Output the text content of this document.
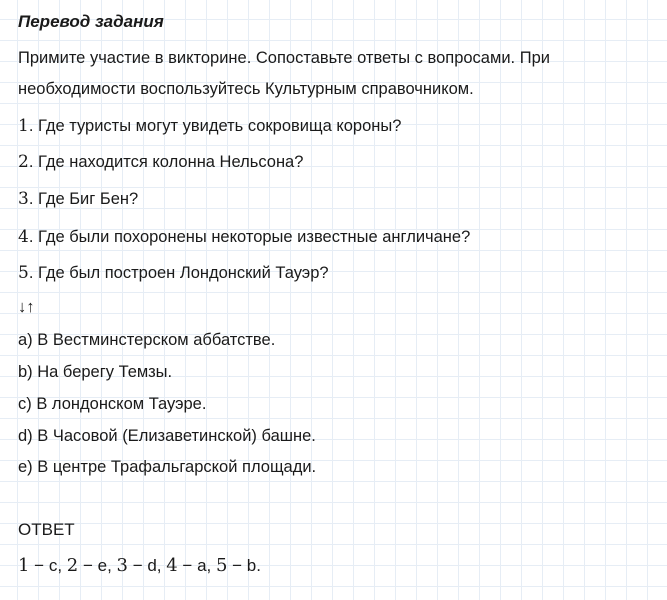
Перевод задания
Примите участие в викторине. Сопоставьте ответы с вопросами. При
необходимости воспользуйтесь Культурным справочником.
1. Где туристы могут увидеть сокровища короны?
2. Где находится колонна Нельсона?
3. Где Биг Бен?
4. Где были похоронены некоторые известные англичане?
5. Где был построен Лондонский Тауэр?
↓↑
a) В Вестминстерском аббатстве.
b) На берегу Темзы.
c) В лондонском Тауэре.
d) В Часовой (Елизаветинской) башне.
e) В центре Трафальгарской площади.
ОТВЕТ
1 − c, 2 − e, 3 − d, 4 − a, 5 − b.
